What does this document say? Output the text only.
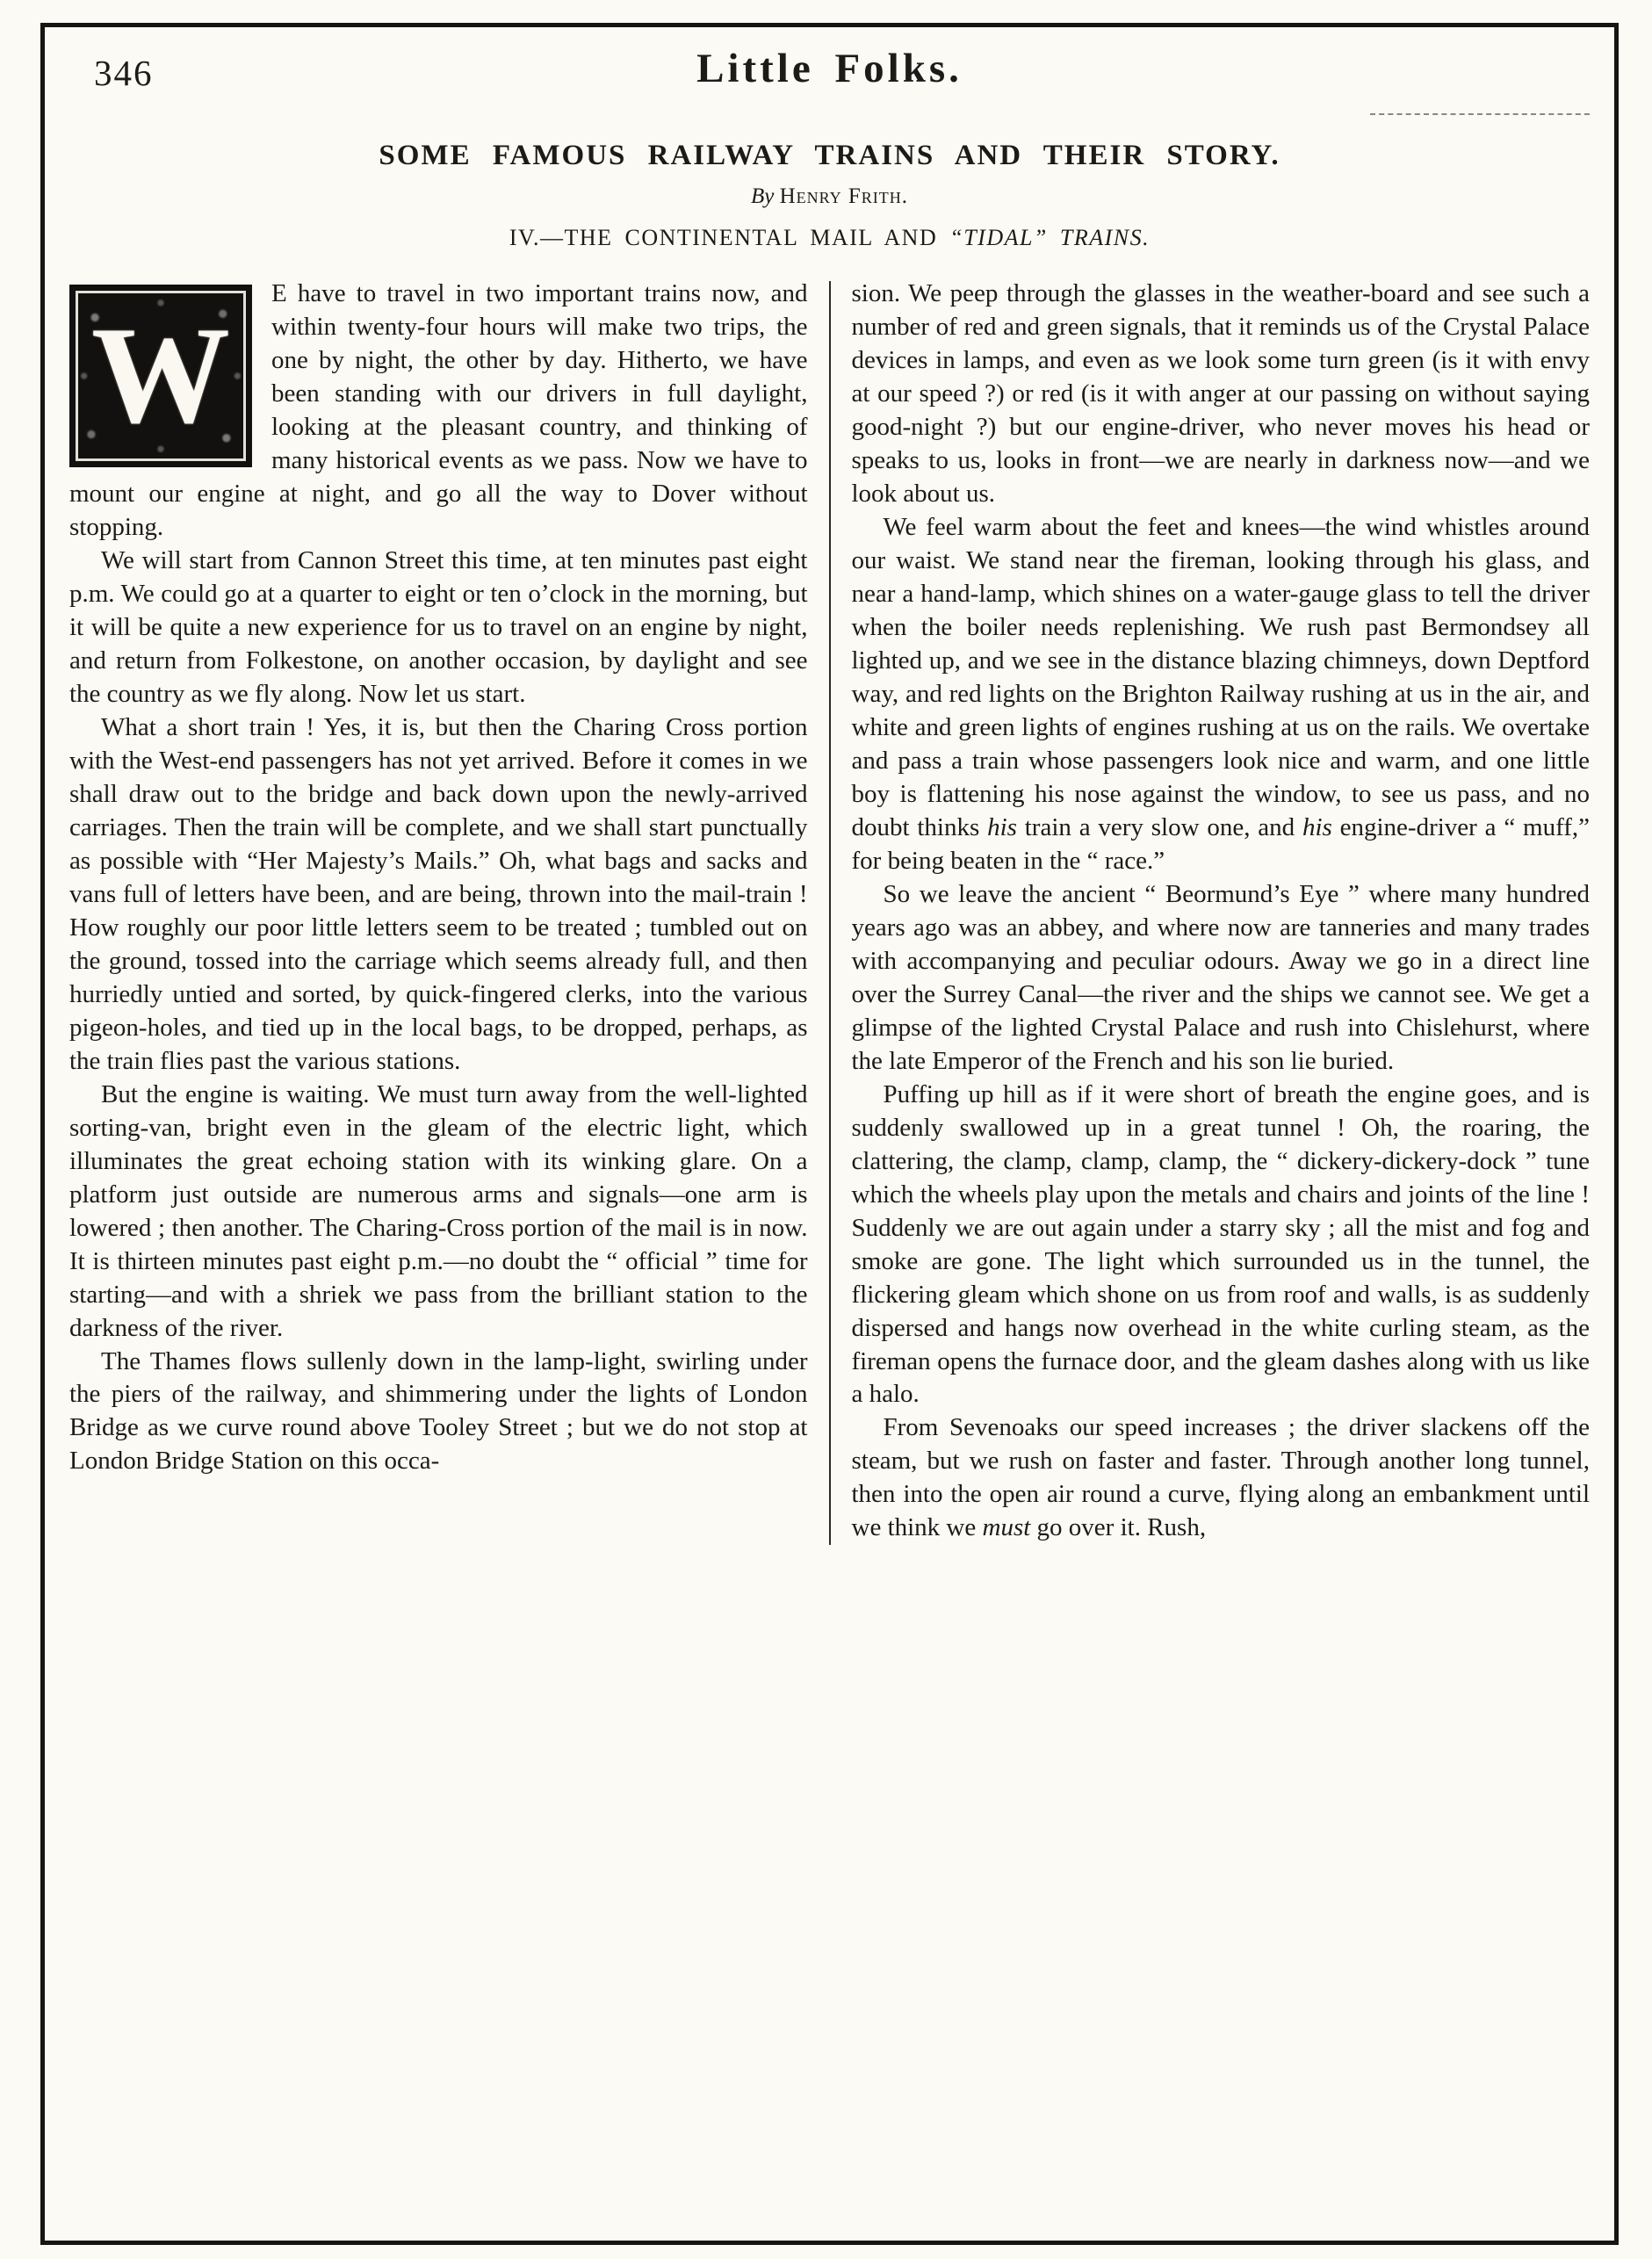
346	Little Folks.
SOME FAMOUS RAILWAY TRAINS AND THEIR STORY.
By Henry Frith.
IV.—THE CONTINENTAL MAIL AND “TIDAL” TRAINS.
W

E have to travel in two important trains now, and within twenty-four hours will make two trips, the one by night, the other by day. Hitherto, we have been standing with our drivers in full daylight, looking at the pleasant country, and thinking of many historical events as we pass. Now we have to mount our engine at night, and go all the way to Dover without stopping.

We will start from Cannon Street this time, at ten minutes past eight p.m. We could go at a quarter to eight or ten o’clock in the morning, but it will be quite a new experience for us to travel on an engine by night, and return from Folkestone, on another occasion, by daylight and see the country as we fly along. Now let us start.

What a short train ! Yes, it is, but then the Charing Cross portion with the West-end passengers has not yet arrived. Before it comes in we shall draw out to the bridge and back down upon the newly-arrived carriages. Then the train will be complete, and we shall start punctually as possible with “Her Majesty’s Mails.” Oh, what bags and sacks and vans full of letters have been, and are being, thrown into the mail-train ! How roughly our poor little letters seem to be treated ; tumbled out on the ground, tossed into the carriage which seems already full, and then hurriedly untied and sorted, by quick-fingered clerks, into the various pigeon-holes, and tied up in the local bags, to be dropped, perhaps, as the train flies past the various stations.

But the engine is waiting. We must turn away from the well-lighted sorting-van, bright even in the gleam of the electric light, which illuminates the great echoing station with its winking glare. On a platform just outside are numerous arms and signals—one arm is lowered ; then another. The Charing-Cross portion of the mail is in now. It is thirteen minutes past eight p.m.—no doubt the “ official ” time for starting—and with a shriek we pass from the brilliant station to the darkness of the river.

The Thames flows sullenly down in the lamp-light, swirling under the piers of the railway, and shimmering under the lights of London Bridge as we curve round above Tooley Street ; but we do not stop at London Bridge Station on this occa-

sion. We peep through the glasses in the weather-board and see such a number of red and green signals, that it reminds us of the Crystal Palace devices in lamps, and even as we look some turn green (is it with envy at our speed ?) or red (is it with anger at our passing on without saying good-night ?) but our engine-driver, who never moves his head or speaks to us, looks in front—we are nearly in darkness now—and we look about us.

We feel warm about the feet and knees—the wind whistles around our waist. We stand near the fireman, looking through his glass, and near a hand-lamp, which shines on a water-gauge glass to tell the driver when the boiler needs replenishing. We rush past Bermondsey all lighted up, and we see in the distance blazing chimneys, down Deptford way, and red lights on the Brighton Railway rushing at us in the air, and white and green lights of engines rushing at us on the rails. We overtake and pass a train whose passengers look nice and warm, and one little boy is flattening his nose against the window, to see us pass, and no doubt thinks his train a very slow one, and his engine-driver a “ muff,” for being beaten in the “ race.”

So we leave the ancient “ Beormund’s Eye ” where many hundred years ago was an abbey, and where now are tanneries and many trades with accompanying and peculiar odours. Away we go in a direct line over the Surrey Canal—the river and the ships we cannot see. We get a glimpse of the lighted Crystal Palace and rush into Chislehurst, where the late Emperor of the French and his son lie buried.

Puffing up hill as if it were short of breath the engine goes, and is suddenly swallowed up in a great tunnel ! Oh, the roaring, the clattering, the clamp, clamp, clamp, the “ dickery-dickery-dock ” tune which the wheels play upon the metals and chairs and joints of the line ! Suddenly we are out again under a starry sky ; all the mist and fog and smoke are gone. The light which surrounded us in the tunnel, the flickering gleam which shone on us from roof and walls, is as suddenly dispersed and hangs now overhead in the white curling steam, as the fireman opens the furnace door, and the gleam dashes along with us like a halo.

From Sevenoaks our speed increases ; the driver slackens off the steam, but we rush on faster and faster. Through another long tunnel, then into the open air round a curve, flying along an embankment until we think we must go over it. Rush,
